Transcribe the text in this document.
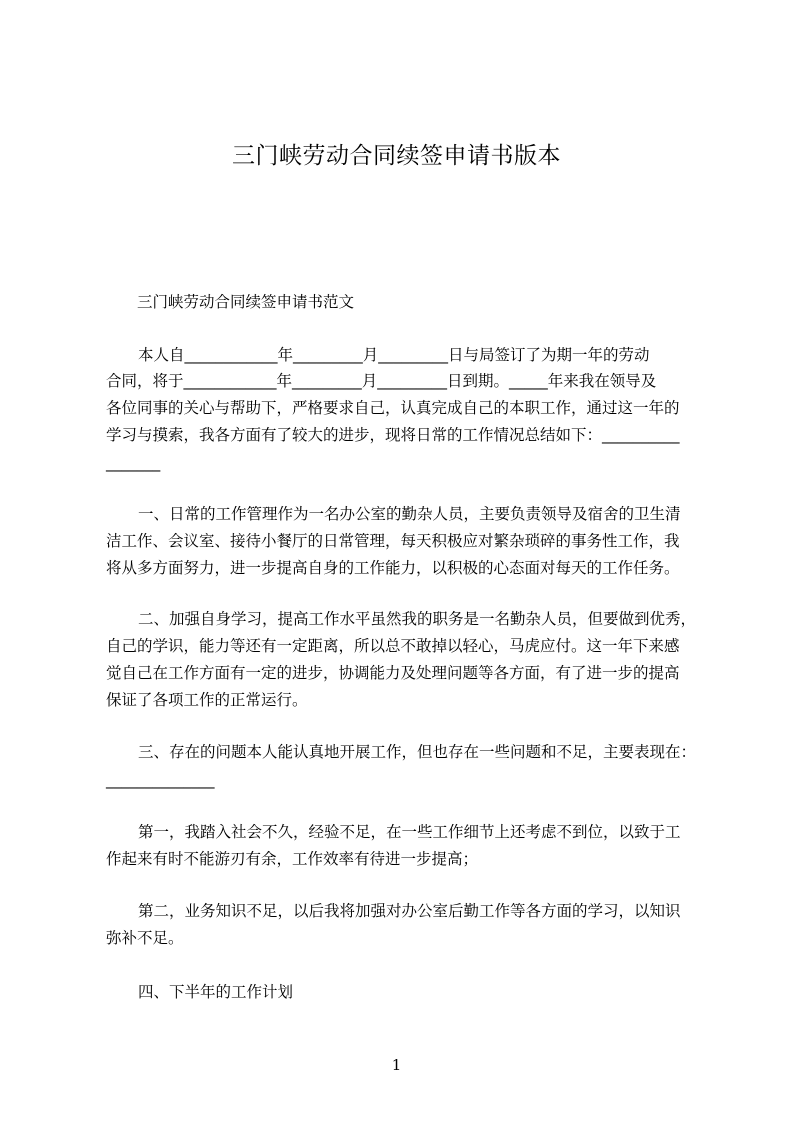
三门峡劳动合同续签申请书版本
三门峡劳动合同续签申请书范文
本人自____________年_________月_________日与局签订了为期一年的劳动
合同，将于____________年_________月_________日到期。_____年来我在领导及
各位同事的关心与帮助下，严格要求自己，认真完成自己的本职工作，通过这一年的
学习与摸索，我各方面有了较大的进步，现将日常的工作情况总结如下：__________
_______
一、日常的工作管理作为一名办公室的勤杂人员，主要负责领导及宿舍的卫生清
洁工作、会议室、接待小餐厅的日常管理，每天积极应对繁杂琐碎的事务性工作，我
将从多方面努力，进一步提高自身的工作能力，以积极的心态面对每天的工作任务。
二、加强自身学习，提高工作水平虽然我的职务是一名勤杂人员，但要做到优秀，
自己的学识，能力等还有一定距离，所以总不敢掉以轻心，马虎应付。这一年下来感
觉自己在工作方面有一定的进步，协调能力及处理问题等各方面，有了进一步的提高
保证了各项工作的正常运行。
三、存在的问题本人能认真地开展工作，但也存在一些问题和不足，主要表现在：
______________
第一，我踏入社会不久，经验不足，在一些工作细节上还考虑不到位，以致于工
作起来有时不能游刃有余，工作效率有待进一步提高；
第二，业务知识不足，以后我将加强对办公室后勤工作等各方面的学习，以知识
弥补不足。
四、下半年的工作计划
1
